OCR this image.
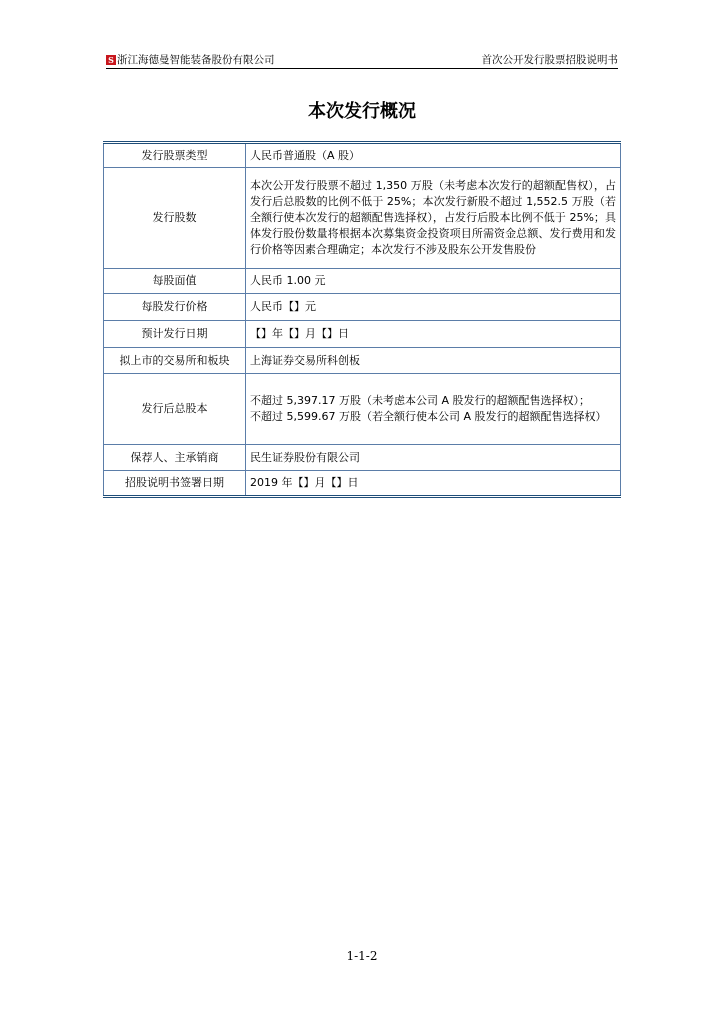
S 浙江海德曼智能装备股份有限公司	首次公开发行股票招股说明书
本次发行概况
发行股票类型	人民币普通股（A 股）
发行股数	本次公开发行股票不超过 1,350 万股（未考虑本次发行的超额配售权），占发行后总股数的比例不低于 25%；本次发行新股不超过 1,552.5 万股（若全额行使本次发行的超额配售选择权），占发行后股本比例不低于 25%；具体发行股份数量将根据本次募集资金投资项目所需资金总额、发行费用和发行价格等因素合理确定；本次发行不涉及股东公开发售股份
每股面值	人民币 1.00 元
每股发行价格	人民币【】元
预计发行日期	【】年【】月【】日
拟上市的交易所和板块	上海证券交易所科创板
发行后总股本	不超过 5,397.17 万股（未考虑本公司 A 股发行的超额配售选择权）；
不超过 5,599.67 万股（若全额行使本公司 A 股发行的超额配售选择权）

保荐人、主承销商	民生证券股份有限公司
招股说明书签署日期	2019 年【】月【】日
1-1-2
